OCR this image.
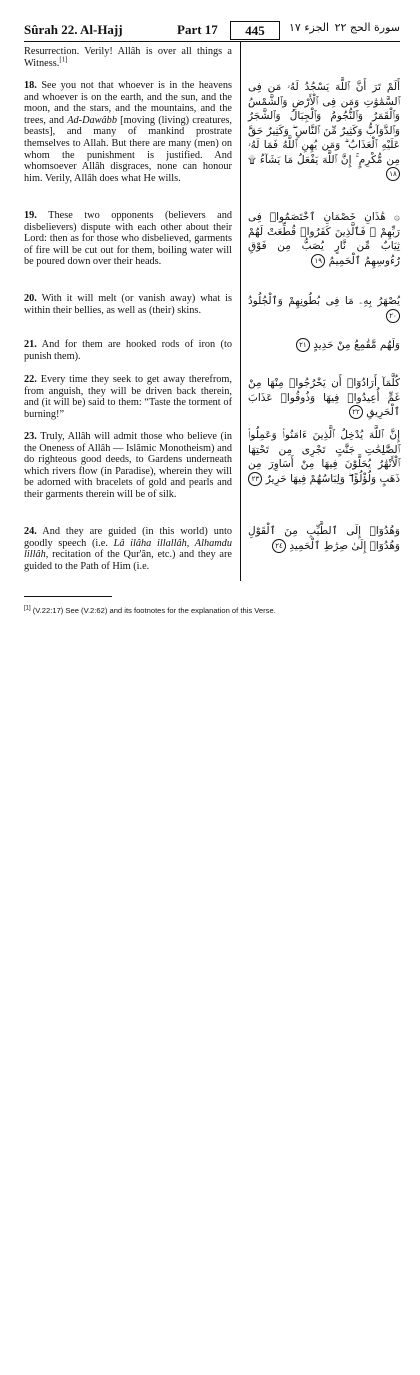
Sûrah 22. Al-Hajj	Part 17	445	الجزء ١٧ سورة الحج ٢٢

Resurrection. Verily! Allâh is over all things a Witness.[1]

18. See you not that whoever is in the heavens and whoever is on the earth, and the sun, and the moon, and the stars, and the mountains, and the trees, and Ad-Dawâbb [moving (living) creatures, beasts], and many of mankind prostrate themselves to Allah. But there are many (men) on whom the punishment is justified. And whomsoever Allâh disgraces, none can honour him. Verily, Allâh does what He wills.

19. These two opponents (believers and disbelievers) dispute with each other about their Lord: then as for those who disbelieved, garments of fire will be cut out for them, boiling water will be poured down over their heads.

20. With it will melt (or vanish away) what is within their bellies, as well as (their) skins.

21. And for them are hooked rods of iron (to punish them).

22. Every time they seek to get away therefrom, from anguish, they will be driven back therein, and (it will be) said to them: “Taste the torment of burning!”

23. Truly, Allâh will admit those who believe (in the Oneness of Allâh — Islâmic Monotheism) and do righteous good deeds, to Gardens underneath which rivers flow (in Paradise), wherein they will be adorned with bracelets of gold and pearls and their garments therein will be of silk.

24. And they are guided (in this world) unto goodly speech (i.e. Lâ ilâha illallâh, Alhamdu lillâh, recitation of the Qur'ân, etc.) and they are guided to the Path of Him (i.e.

أَلَمْ تَرَ أَنَّ ٱللَّهَ يَسْجُدُ لَهُۥ مَن فِى ٱلسَّمَٰوَٰتِ وَمَن فِى ٱلْأَرْضِ وَٱلشَّمْسُ وَٱلْقَمَرُ وَٱلنُّجُومُ وَٱلْجِبَالُ وَٱلشَّجَرُ وَٱلدَّوَآبُّ وَكَثِيرٌ مِّنَ ٱلنَّاسِ ۖ وَكَثِيرٌ حَقَّ عَلَيْهِ ٱلْعَذَابُ ۗ وَمَن يُهِنِ ٱللَّهُ فَمَا لَهُۥ مِن مُّكْرِمٍ ۚ إِنَّ ٱللَّهَ يَفْعَلُ مَا يَشَآءُ ۩ ١٨

۞ هَٰذَانِ خَصْمَانِ ٱخْتَصَمُوا۟ فِى رَبِّهِمْ ۖ فَٱلَّذِينَ كَفَرُوا۟ قُطِّعَتْ لَهُمْ ثِيَابٌ مِّن نَّارٍ يُصَبُّ مِن فَوْقِ رُءُوسِهِمُ ٱلْحَمِيمُ ١٩

يُصْهَرُ بِهِۦ مَا فِى بُطُونِهِمْ وَٱلْجُلُودُ ٢٠

وَلَهُم مَّقَٰمِعُ مِنْ حَدِيدٍ ٢١

كُلَّمَآ أَرَادُوٓا۟ أَن يَخْرُجُوا۟ مِنْهَا مِنْ غَمٍّ أُعِيدُوا۟ فِيهَا وَذُوقُوا۟ عَذَابَ ٱلْحَرِيقِ ٢٢

إِنَّ ٱللَّهَ يُدْخِلُ ٱلَّذِينَ ءَامَنُوا۟ وَعَمِلُوا۟ ٱلصَّٰلِحَٰتِ جَنَّٰتٍ تَجْرِى مِن تَحْتِهَا ٱلْأَنْهَٰرُ يُحَلَّوْنَ فِيهَا مِنْ أَسَاوِرَ مِن ذَهَبٍ وَلُؤْلُؤًا ۖ وَلِبَاسُهُمْ فِيهَا حَرِيرٌ ٢٣

وَهُدُوٓا۟ إِلَى ٱلطَّيِّبِ مِنَ ٱلْقَوْلِ وَهُدُوٓا۟ إِلَىٰ صِرَٰطِ ٱلْحَمِيدِ ٢٤

[1] (V.22:17) See (V.2:62) and its footnotes for the explanation of this Verse.
